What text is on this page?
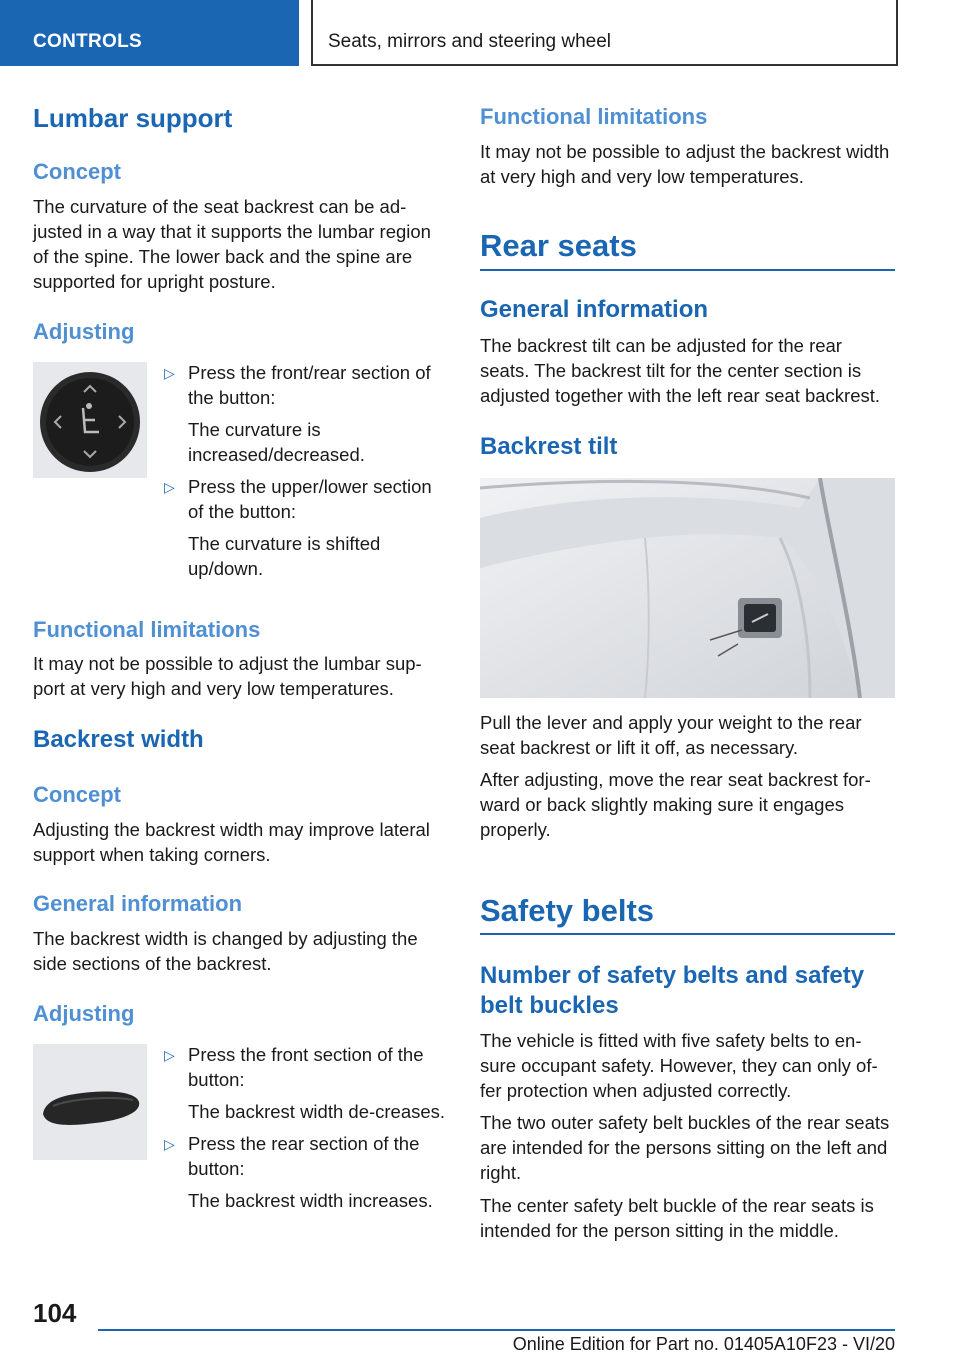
CONTROLS	Seats, mirrors and steering wheel
Lumbar support
Concept

The curvature of the seat backrest can be ad-justed in a way that it supports the lumbar region of the spine. The lower back and the spine are supported for upright posture.

Adjusting
▷ Press the front/rear section of the button:
The curvature is increased/decreased.
▷ Press the upper/lower section of the button:
The curvature is shifted up/down.
Functional limitations

It may not be possible to adjust the lumbar sup-port at very high and very low temperatures.

Backrest width
Concept

Adjusting the backrest width may improve lateral support when taking corners.

General information

The backrest width is changed by adjusting the side sections of the backrest.

Adjusting
▷ Press the front section of the button:
The backrest width de-creases.
▷ Press the rear section of the button:
The backrest width increases.
Functional limitations

It may not be possible to adjust the backrest width at very high and very low temperatures.

Rear seats
General information

The backrest tilt can be adjusted for the rear seats. The backrest tilt for the center section is adjusted together with the left rear seat backrest.

Backrest tilt

Pull the lever and apply your weight to the rear seat backrest or lift it off, as necessary.

After adjusting, move the rear seat backrest for-ward or back slightly making sure it engages properly.

Safety belts
Number of safety belts and safety belt buckles

The vehicle is fitted with five safety belts to en-sure occupant safety. However, they can only of-fer protection when adjusted correctly.

The two outer safety belt buckles of the rear seats are intended for the persons sitting on the left and right.

The center safety belt buckle of the rear seats is intended for the person sitting in the middle.

104
Online Edition for Part no. 01405A10F23 - VI/20
